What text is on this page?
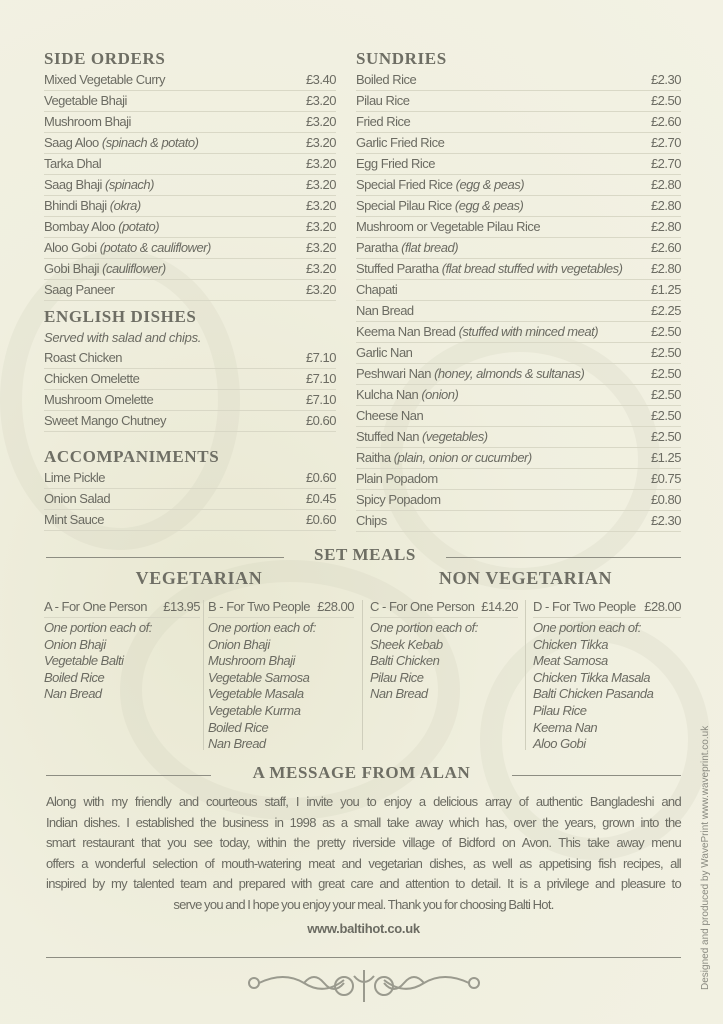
SIDE ORDERS
Mixed Vegetable Curry	£3.40
Vegetable Bhaji	£3.20
Mushroom Bhaji	£3.20
Saag Aloo (spinach & potato)	£3.20
Tarka Dhal	£3.20
Saag Bhaji (spinach)	£3.20
Bhindi Bhaji (okra)	£3.20
Bombay Aloo (potato)	£3.20
Aloo Gobi (potato & cauliflower)	£3.20
Gobi Bhaji (cauliflower)	£3.20
Saag Paneer	£3.20
ENGLISH DISHES
Served with salad and chips.
Roast Chicken	£7.10
Chicken Omelette	£7.10
Mushroom Omelette	£7.10
Sweet Mango Chutney	£0.60
ACCOMPANIMENTS
Lime Pickle	£0.60
Onion Salad	£0.45
Mint Sauce	£0.60
SUNDRIES
Boiled Rice	£2.30
Pilau Rice	£2.50
Fried Rice	£2.60
Garlic Fried Rice	£2.70
Egg Fried Rice	£2.70
Special Fried Rice (egg & peas)	£2.80
Special Pilau Rice (egg & peas)	£2.80
Mushroom or Vegetable Pilau Rice	£2.80
Paratha (flat bread)	£2.60
Stuffed Paratha (flat bread stuffed with vegetables) £2.80
Chapati	£1.25
Nan Bread	£2.25
Keema Nan Bread (stuffed with minced meat)	£2.50
Garlic Nan	£2.50
Peshwari Nan (honey, almonds & sultanas)	£2.50
Kulcha Nan (onion)	£2.50
Cheese Nan	£2.50
Stuffed Nan (vegetables)	£2.50
Raitha (plain, onion or cucumber)	£1.25
Plain Popadom	£0.75
Spicy Popadom	£0.80
Chips	£2.30
SET MEALS
VEGETARIAN	NON VEGETARIAN
A - For One Person £13.95
One portion each of:
Onion Bhaji
Vegetable Balti
Boiled Rice
Nan Bread
B - For Two People £28.00
One portion each of:
Onion Bhaji
Mushroom Bhaji
Vegetable Samosa
Vegetable Masala
Vegetable Kurma
Boiled Rice
Nan Bread
C - For One Person £14.20
One portion each of:
Sheek Kebab
Balti Chicken
Pilau Rice
Nan Bread
D - For Two People £28.00
One portion each of:
Chicken Tikka
Meat Samosa
Chicken Tikka Masala
Balti Chicken Pasanda
Pilau Rice
Keema Nan
Aloo Gobi
A MESSAGE FROM ALAN
Along with my friendly and courteous staff, I invite you to enjoy a delicious array of authentic Bangladeshi and
Indian dishes. I established the business in 1998 as a small take away which has, over the years, grown into the
smart restaurant that you see today, within the pretty riverside village of Bidford on Avon. This take away menu
offers a wonderful selection of mouth-watering meat and vegetarian dishes, as well as appetising fish recipes, all
inspired by my talented team and prepared with great care and attention to detail. It is a privilege and pleasure to
serve you and I hope you enjoy your meal. Thank you for choosing Balti Hot.
www.baltihot.co.uk	Designed and produced by WavePrint www.waveprint.co.uk
